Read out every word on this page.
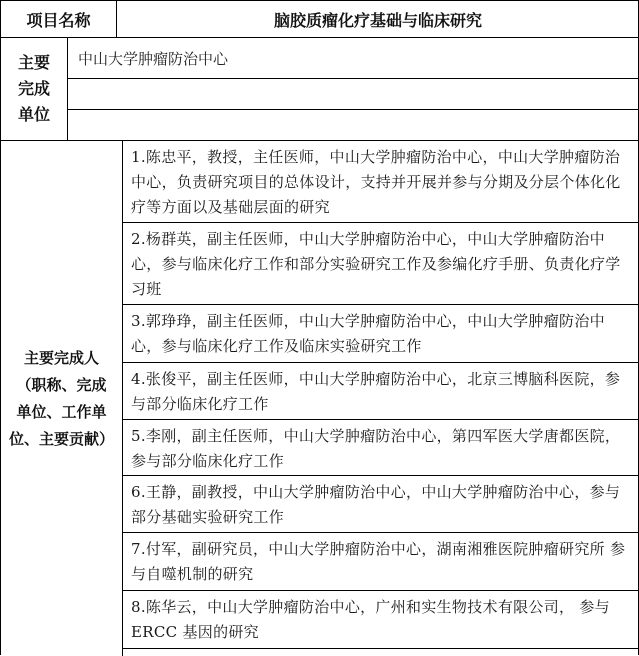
项目名称	脑胶质瘤化疗基础与临床研究
主要
完成
单位
中山大学肿瘤防治中心
主要完成人
（职称、完成
单位、工作单
位、主要贡献）
1.陈忠平，教授，主任医师，中山大学肿瘤防治中心，中山大学肿瘤防治中心，负责研究项目的总体设计，支持并开展并参与分期及分层个体化化疗等方面以及基础层面的研究
2.杨群英，副主任医师，中山大学肿瘤防治中心，中山大学肿瘤防治中心，参与临床化疗工作和部分实验研究工作及参编化疗手册、负责化疗学习班
3.郭琤琤，副主任医师，中山大学肿瘤防治中心，中山大学肿瘤防治中心，参与临床化疗工作及临床实验研究工作
4.张俊平，副主任医师，中山大学肿瘤防治中心，北京三博脑科医院，参与部分临床化疗工作
5.李刚，副主任医师，中山大学肿瘤防治中心，第四军医大学唐都医院，参与部分临床化疗工作
6.王静，副教授，中山大学肿瘤防治中心，中山大学肿瘤防治中心，参与部分基础实验研究工作
7.付军，副研究员，中山大学肿瘤防治中心，湖南湘雅医院肿瘤研究所 参与自噬机制的研究
8.陈华云，中山大学肿瘤防治中心，广州和实生物技术有限公司， 参与 ERCC 基因的研究
